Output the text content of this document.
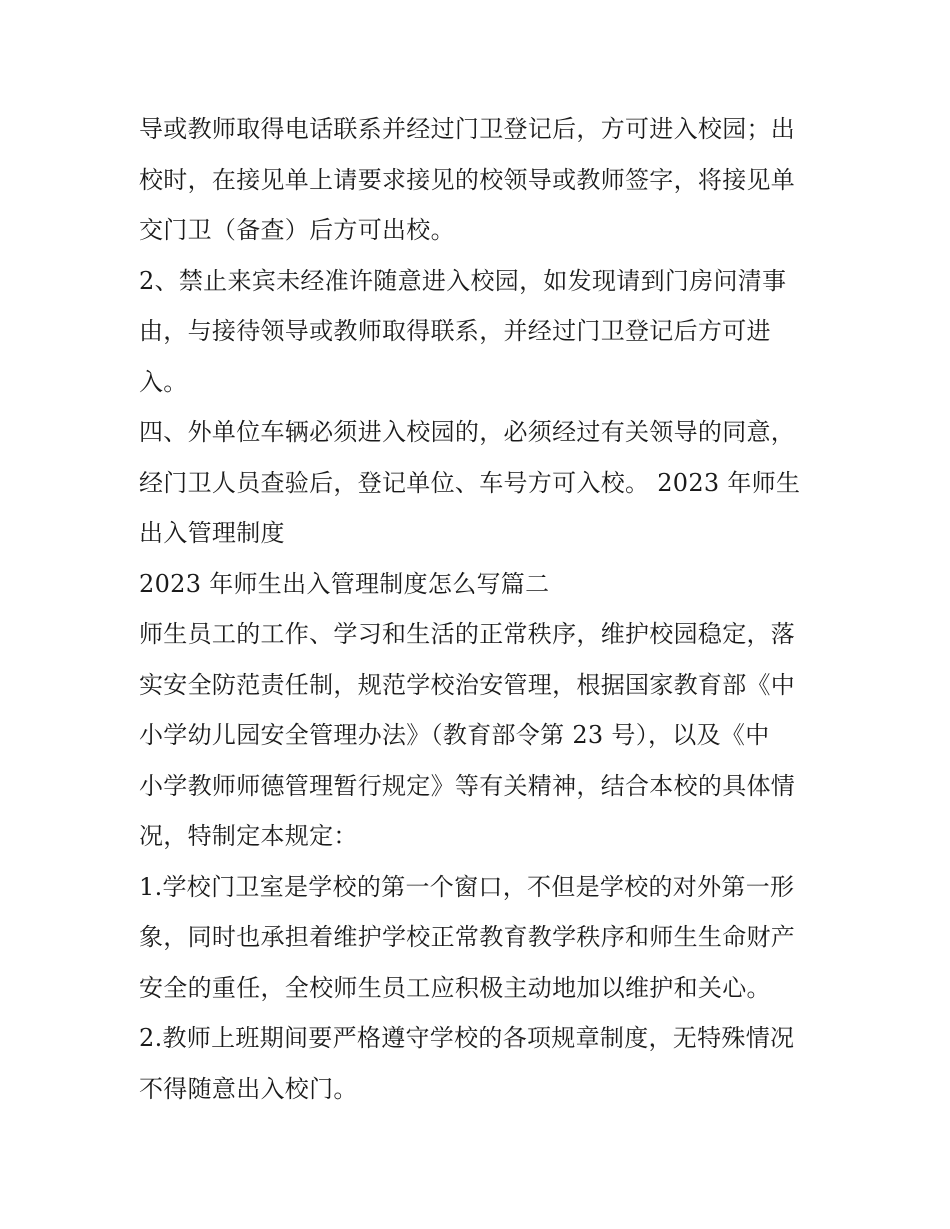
导或教师取得电话联系并经过门卫登记后，方可进入校园；出
校时，在接见单上请要求接见的校领导或教师签字，将接见单
交门卫（备查）后方可出校。
2、禁止来宾未经准许随意进入校园，如发现请到门房问清事
由，与接待领导或教师取得联系，并经过门卫登记后方可进
入。
四、外单位车辆必须进入校园的，必须经过有关领导的同意，
经门卫人员查验后，登记单位、车号方可入校。 2023 年师生
出入管理制度
2023 年师生出入管理制度怎么写篇二
师生员工的工作、学习和生活的正常秩序，维护校园稳定，落
实安全防范责任制，规范学校治安管理，根据国家教育部《中
小学幼儿园安全管理办法》（教育部令第 23 号），以及《中
小学教师师德管理暂行规定》等有关精神，结合本校的具体情
况，特制定本规定：
1.学校门卫室是学校的第一个窗口，不但是学校的对外第一形
象，同时也承担着维护学校正常教育教学秩序和师生生命财产
安全的重任，全校师生员工应积极主动地加以维护和关心。
2.教师上班期间要严格遵守学校的各项规章制度，无特殊情况
不得随意出入校门。
